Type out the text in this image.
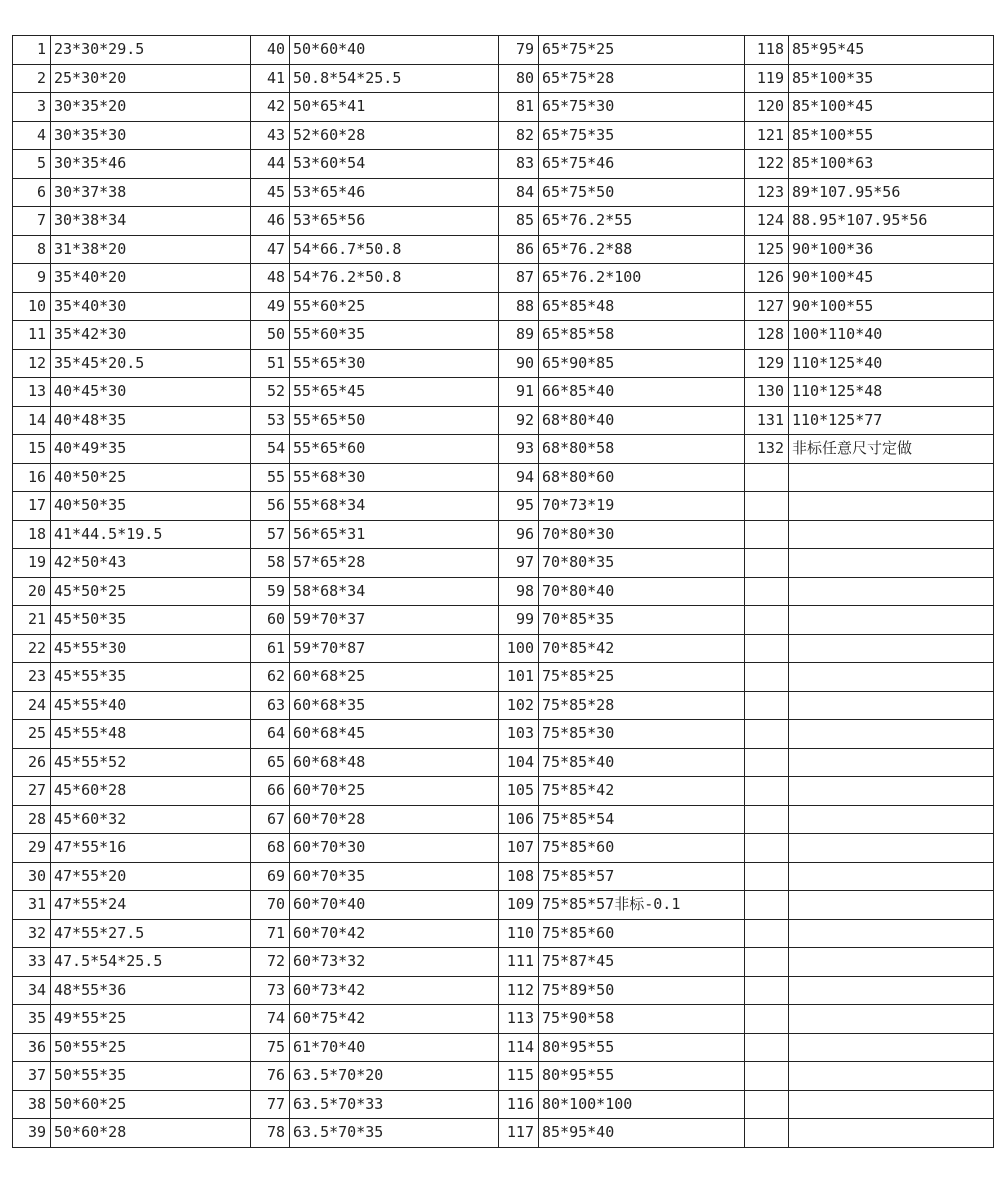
1	23*30*29.5	40	50*60*40	79	65*75*25	118	85*95*45
2	25*30*20	41	50.8*54*25.5	80	65*75*28	119	85*100*35
3	30*35*20	42	50*65*41	81	65*75*30	120	85*100*45
4	30*35*30	43	52*60*28	82	65*75*35	121	85*100*55
5	30*35*46	44	53*60*54	83	65*75*46	122	85*100*63
6	30*37*38	45	53*65*46	84	65*75*50	123	89*107.95*56
7	30*38*34	46	53*65*56	85	65*76.2*55	124	88.95*107.95*56
8	31*38*20	47	54*66.7*50.8	86	65*76.2*88	125	90*100*36
9	35*40*20	48	54*76.2*50.8	87	65*76.2*100	126	90*100*45
10	35*40*30	49	55*60*25	88	65*85*48	127	90*100*55
11	35*42*30	50	55*60*35	89	65*85*58	128	100*110*40
12	35*45*20.5	51	55*65*30	90	65*90*85	129	110*125*40
13	40*45*30	52	55*65*45	91	66*85*40	130	110*125*48
14	40*48*35	53	55*65*50	92	68*80*40	131	110*125*77
15	40*49*35	54	55*65*60	93	68*80*58	132	非标任意尺寸定做
16	40*50*25	55	55*68*30	94	68*80*60		
17	40*50*35	56	55*68*34	95	70*73*19		
18	41*44.5*19.5	57	56*65*31	96	70*80*30		
19	42*50*43	58	57*65*28	97	70*80*35		
20	45*50*25	59	58*68*34	98	70*80*40		
21	45*50*35	60	59*70*37	99	70*85*35		
22	45*55*30	61	59*70*87	100	70*85*42		
23	45*55*35	62	60*68*25	101	75*85*25		
24	45*55*40	63	60*68*35	102	75*85*28		
25	45*55*48	64	60*68*45	103	75*85*30		
26	45*55*52	65	60*68*48	104	75*85*40		
27	45*60*28	66	60*70*25	105	75*85*42		
28	45*60*32	67	60*70*28	106	75*85*54		
29	47*55*16	68	60*70*30	107	75*85*60		
30	47*55*20	69	60*70*35	108	75*85*57		
31	47*55*24	70	60*70*40	109	75*85*57非标-0.1		
32	47*55*27.5	71	60*70*42	110	75*85*60		
33	47.5*54*25.5	72	60*73*32	111	75*87*45		
34	48*55*36	73	60*73*42	112	75*89*50		
35	49*55*25	74	60*75*42	113	75*90*58		
36	50*55*25	75	61*70*40	114	80*95*55		
37	50*55*35	76	63.5*70*20	115	80*95*55		
38	50*60*25	77	63.5*70*33	116	80*100*100		
39	50*60*28	78	63.5*70*35	117	85*95*40		
